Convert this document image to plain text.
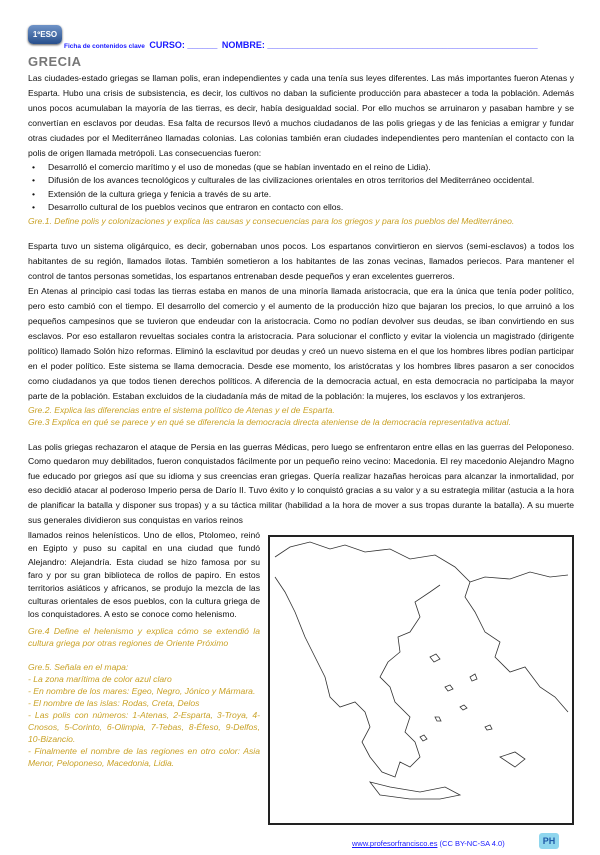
1ºESO
Ficha de contenidos clave CURSO: ______ NOMBRE: ______________________________________________________
GRECIA

Las ciudades-estado griegas se llaman polis, eran independientes y cada una tenía sus leyes diferentes. Las más importantes fueron Atenas y Esparta. Hubo una crisis de subsistencia, es decir, los cultivos no daban la suficiente producción para abastecer a toda la población. Además unos pocos acumulaban la mayoría de las tierras, es decir, había desigualdad social. Por ello muchos se arruinaron y pasaban hambre y se convertían en esclavos por deudas. Esa falta de recursos llevó a muchos ciudadanos de las polis griegas y de las fenicias a emigrar y fundar otras ciudades por el Mediterráneo llamadas colonias. Las colonias también eran ciudades independientes pero mantenían el contacto con la polis de origen llamada metrópoli. Las consecuencias fueron:

• Desarrolló el comercio marítimo y el uso de monedas (que se habían inventado en el reino de Lidia).
• Difusión de los avances tecnológicos y culturales de las civilizaciones orientales en otros territorios del Mediterráneo occidental.
• Extensión de la cultura griega y fenicia a través de su arte.
• Desarrollo cultural de los pueblos vecinos que entraron en contacto con ellos.

Gre.1. Define polis y colonizaciones y explica las causas y consecuencias para los griegos y para los pueblos del Mediterráneo.

Esparta tuvo un sistema oligárquico, es decir, gobernaban unos pocos. Los espartanos convirtieron en siervos (semi-esclavos) a todos los habitantes de su región, llamados ilotas. También sometieron a los habitantes de las zonas vecinas, llamados periecos. Para mantener el control de tantos personas sometidas, los espartanos entrenaban desde pequeños y eran excelentes guerreros.

En Atenas al principio casi todas las tierras estaba en manos de una minoría llamada aristocracia, que era la única que tenía poder político, pero esto cambió con el tiempo. El desarrollo del comercio y el aumento de la producción hizo que bajaran los precios, lo que arruinó a los pequeños campesinos que se tuvieron que endeudar con la aristocracia. Como no podían devolver sus deudas, se iban convirtiendo en sus esclavos. Por eso estallaron revueltas sociales contra la aristocracia. Para solucionar el conflicto y evitar la violencia un magistrado (dirigente político) llamado Solón hizo reformas. Eliminó la esclavitud por deudas y creó un nuevo sistema en el que los hombres libres podían participar en el poder político. Este sistema se llama democracia. Desde ese momento, los aristócratas y los hombres libres pasaron a ser conocidos como ciudadanos ya que todos tienen derechos políticos. A diferencia de la democracia actual, en esta democracia no participaba la mayor parte de la población. Estaban excluidos de la ciudadanía más de mitad de la población: la mujeres, los esclavos y los extranjeros.

Gre.2. Explica las diferencias entre el sistema político de Atenas y el de Esparta.

Gre.3 Explica en qué se parece y en qué se diferencia la democracia directa ateniense de la democracia representativa actual.

Las polis griegas rechazaron el ataque de Persia en las guerras Médicas, pero luego se enfrentaron entre ellas en las guerras del Peloponeso. Como quedaron muy debilitados, fueron conquistados fácilmente por un pequeño reino vecino: Macedonia. El rey macedonio Alejandro Magno fue educado por griegos así que su idioma y sus creencias eran griegas. Quería realizar hazañas heroicas para alcanzar la inmortalidad, por eso decidió atacar al poderoso Imperio persa de Darío II. Tuvo éxito y lo conquistó gracias a su valor y a su estrategia militar (astucia a la hora de planificar la batalla y disponer sus tropas) y a su táctica militar (habilidad a la hora de mover a sus tropas durante la batalla). A su muerte sus generales dividieron sus conquistas en varios reinos

llamados reinos helenísticos. Uno de ellos, Ptolomeo, reinó en Egipto y puso su capital en una ciudad que fundó Alejandro: Alejandría. Esta ciudad se hizo famosa por su faro y por su gran biblioteca de rollos de papiro. En estos territorios asiáticos y africanos, se produjo la mezcla de las culturas orientales de esos pueblos, con la cultura griega de los conquistadores. A esto se conoce como helenismo.

Gre.4 Define el helenismo y explica cómo se extendió la cultura griega por otras regiones de Oriente Próximo

Gre.5. Señala en el mapa:
- La zona marítima de color azul claro
- En nombre de los mares: Egeo, Negro, Jónico y Mármara.
- El nombre de las islas: Rodas, Creta, Delos
- Las polis con números: 1-Atenas, 2-Esparta, 3-Troya, 4-Cnosos, 5-Corinto, 6-Olimpia, 7-Tebas, 8-Éfeso, 9-Delfos, 10-Bizancio.
- Finalmente el nombre de las regiones en otro color: Asia Menor, Peloponeso, Macedonia, Lidia.
www.profesorfrancisco.es (CC BY-NC-SA 4.0)	PH
